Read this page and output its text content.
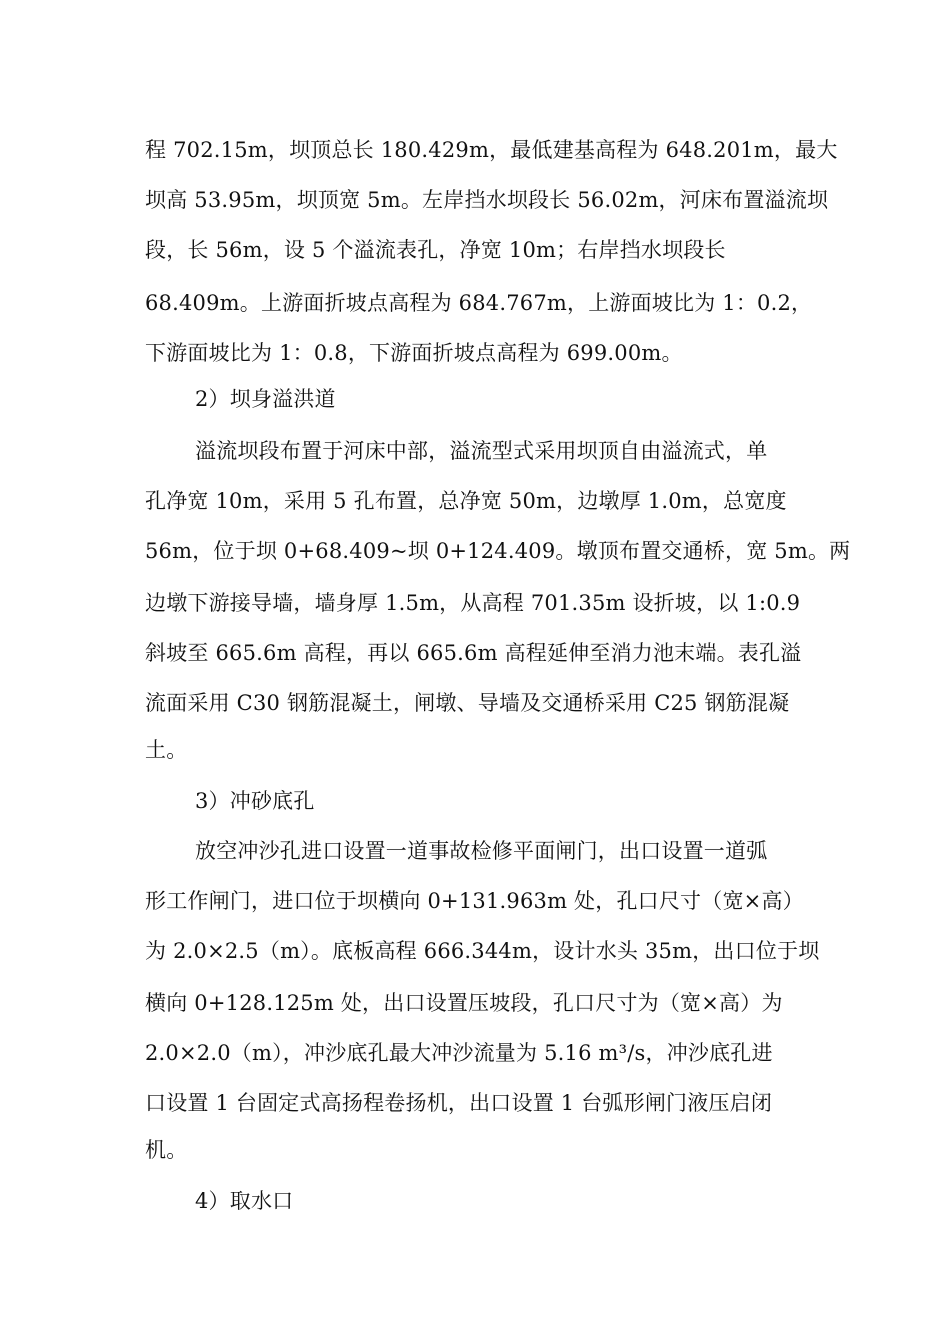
程 702.15m，坝顶总长 180.429m，最低建基高程为 648.201m，最大
坝高 53.95m，坝顶宽 5m。左岸挡水坝段长 56.02m，河床布置溢流坝
段，长 56m，设 5 个溢流表孔，净宽 10m；右岸挡水坝段长
68.409m。上游面折坡点高程为 684.767m，上游面坡比为 1：0.2，
下游面坡比为 1：0.8，下游面折坡点高程为 699.00m。
2）坝身溢洪道
溢流坝段布置于河床中部，溢流型式采用坝顶自由溢流式，单
孔净宽 10m，采用 5 孔布置，总净宽 50m，边墩厚 1.0m，总宽度
56m，位于坝 0+68.409~坝 0+124.409。墩顶布置交通桥，宽 5m。两
边墩下游接导墙，墙身厚 1.5m，从高程 701.35m 设折坡，以 1:0.9
斜坡至 665.6m 高程，再以 665.6m 高程延伸至消力池末端。表孔溢
流面采用 C30 钢筋混凝土，闸墩、导墙及交通桥采用 C25 钢筋混凝
土。
3）冲砂底孔
放空冲沙孔进口设置一道事故检修平面闸门，出口设置一道弧
形工作闸门，进口位于坝横向 0+131.963m 处，孔口尺寸（宽×高）
为 2.0×2.5（m）。底板高程 666.344m，设计水头 35m，出口位于坝
横向 0+128.125m 处，出口设置压坡段，孔口尺寸为（宽×高）为
2.0×2.0（m），冲沙底孔最大冲沙流量为 5.16 m³/s，冲沙底孔进
口设置 1 台固定式高扬程卷扬机，出口设置 1 台弧形闸门液压启闭
机。
4）取水口
